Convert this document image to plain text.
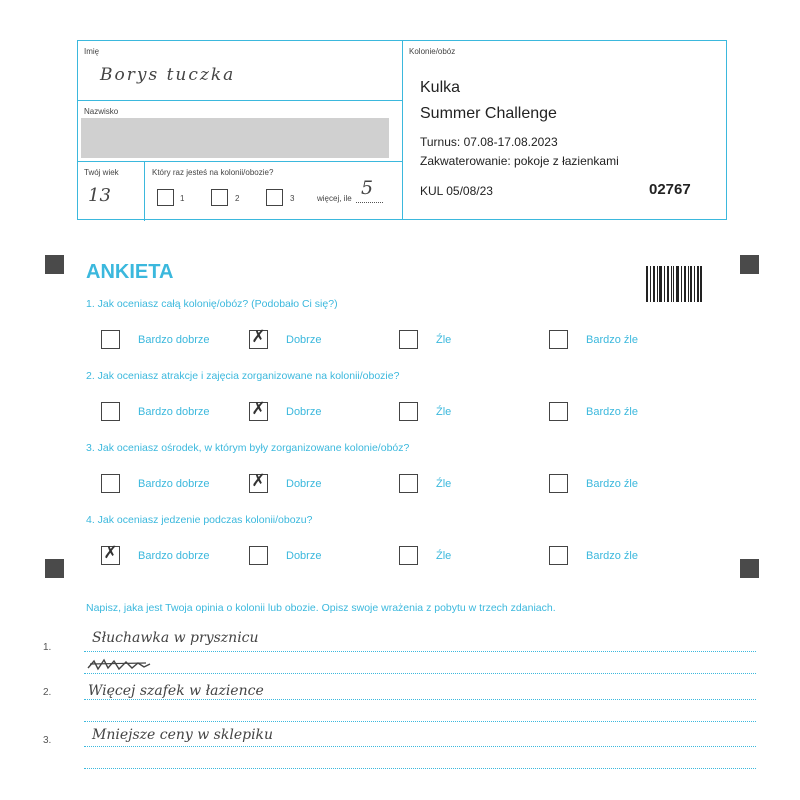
Imię
Borys tuczka
Nazwisko
Twój wiek
13
Który raz jesteś na kolonii/obozie?
1	2	3	więcej, ile 5
Kolonie/obóz
Kulka
Summer Challenge
Turnus: 07.08-17.08.2023
Zakwaterowanie: pokoje z łazienkami
KUL 05/08/23	02767
ANKIETA
1. Jak oceniasz całą kolonię/obóz? (Podobało Ci się?)
2. Jak oceniasz atrakcje i zajęcia zorganizowane na kolonii/obozie?
3. Jak oceniasz ośrodek, w którym były zorganizowane kolonie/obóz?
4. Jak oceniasz jedzenie podczas kolonii/obozu?
Bardzo dobrze ✗ Dobrze	Źle	Bardzo źle
Bardzo dobrze ✗ Dobrze	Źle	Bardzo źle
Bardzo dobrze ✗ Dobrze	Źle	Bardzo źle
✗ Bardzo dobrze	Dobrze	Źle	Bardzo źle
Napisz, jaka jest Twoja opinia o kolonii lub obozie. Opisz swoje wrażenia z pobytu w trzech zdaniach.
1.
Słuchawka w prysznicu
2.	Więcej szafek w łazience
3.	Mniejsze ceny w sklepiku
